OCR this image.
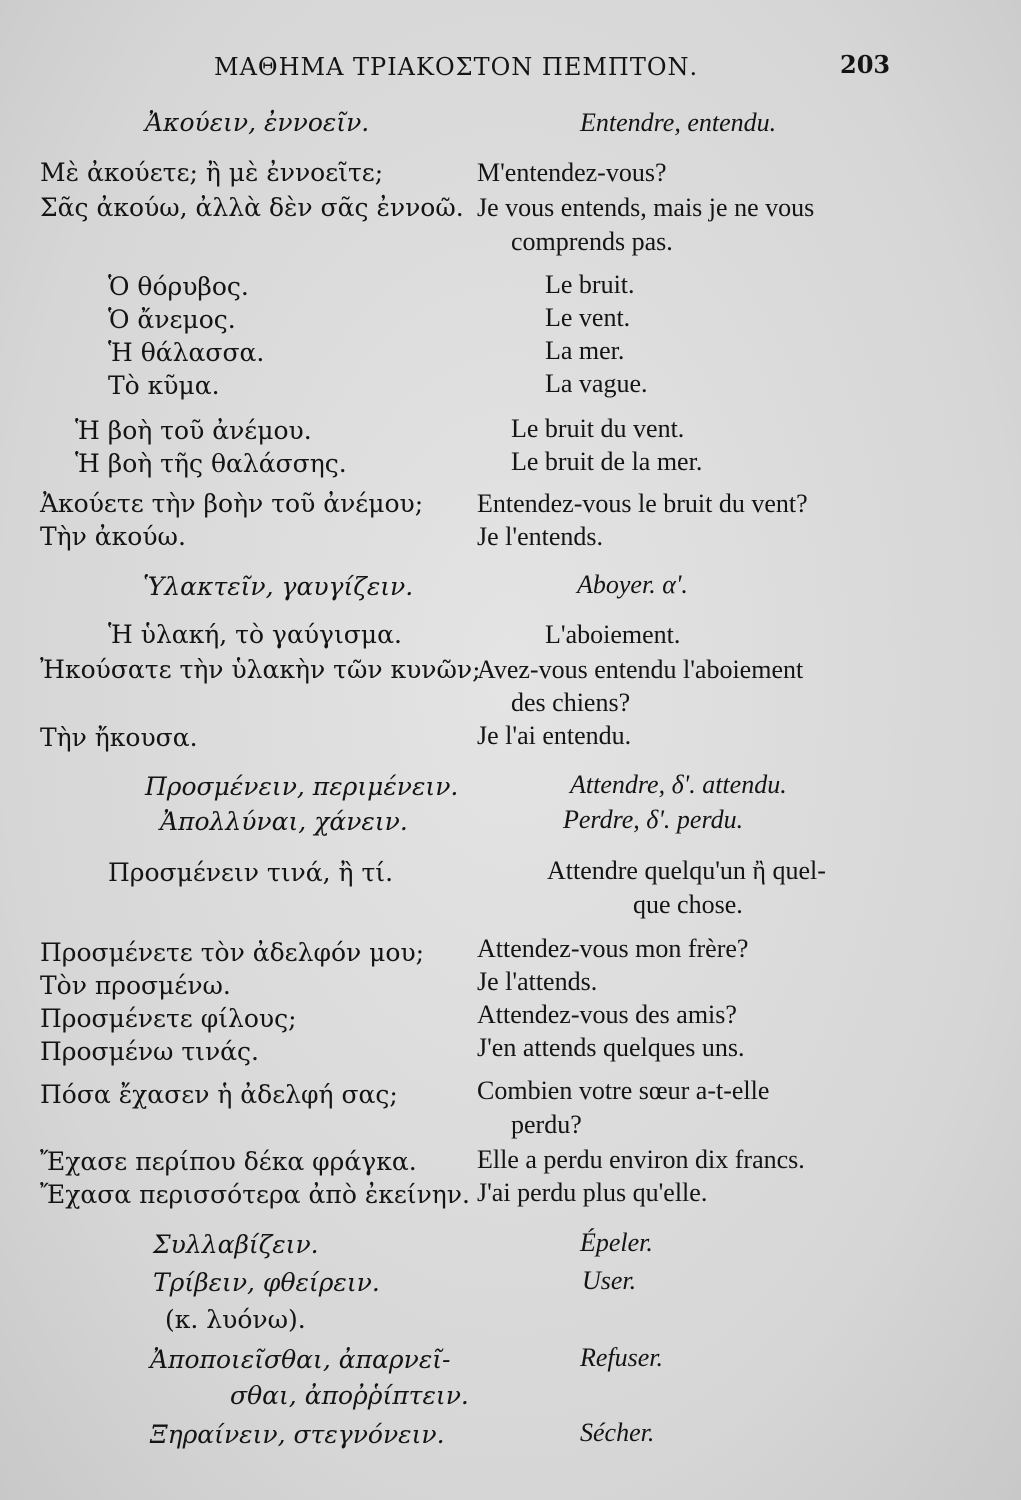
ΜΑΘΗΜΑ ΤΡΙΑΚΟΣΤΟΝ ΠΕΜΠΤΟΝ.	203
Ἀκούειν, ἐννοεῖν.	Entendre, entendu.
Μὲ ἀκούετε; ἢ μὲ ἐννοεῖτε;	M'entendez-vous?
Σᾶς ἀκούω, ἀλλὰ δὲν σᾶς ἐννοῶ. Je vous entends, mais je ne vous
comprends pas.
Ὁ θόρυβος.	Le bruit.
Ὁ ἄνεμος.	Le vent.
Ἡ θάλασσα.	La mer.
Τὸ κῦμα.	La vague.
Ἡ βοὴ τοῦ ἀνέμου.	Le bruit du vent.
Ἡ βοὴ τῆς θαλάσσης.	Le bruit de la mer.
Ἀκούετε τὴν βοὴν τοῦ ἀνέμου; Entendez-vous le bruit du vent?
Τὴν ἀκούω.	Je l'entends.
Ὑλακτεῖν, γαυγίζειν.	Aboyer. α'.
Ἡ ὑλακή, τὸ γαύγισμα.	L'aboiement.
Ἠκούσατε τὴν ὑλακὴν τῶν κυνῶν;
Avez-vous entendu l'aboiement
des chiens?
Τὴν ἤκουσα.	Je l'ai entendu.
Προσμένειν, περιμένειν.	Attendre, δ'. attendu.
Ἀπολλύναι, χάνειν.	Perdre, δ'. perdu.
Προσμένειν τινά, ἢ τί.	Attendre quelqu'un ἢ quel-
que chose.
Προσμένετε τὸν ἀδελφόν μου; Attendez-vous mon frère?
Τὸν προσμένω.	Je l'attends.
Προσμένετε φίλους;	Attendez-vous des amis?
Προσμένω τινάς.	J'en attends quelques uns.
Πόσα ἔχασεν ἡ ἀδελφή σας;	Combien votre sœur a-t-elle
perdu?
Ἔχασε περίπου δέκα φράγκα. Elle a perdu environ dix francs.
Ἔχασα περισσότερα ἀπὸ ἐκείνην. J'ai perdu plus qu'elle.
Συλλαβίζειν.	Épeler.
Τρίβειν, φθείρειν.	User.
(κ. λυόνω).
Ἀποποιεῖσθαι, ἀπαρνεῖ-	Refuser.
σθαι, ἀποῤῥίπτειν.
Ξηραίνειν, στεγνόνειν.	Sécher.
